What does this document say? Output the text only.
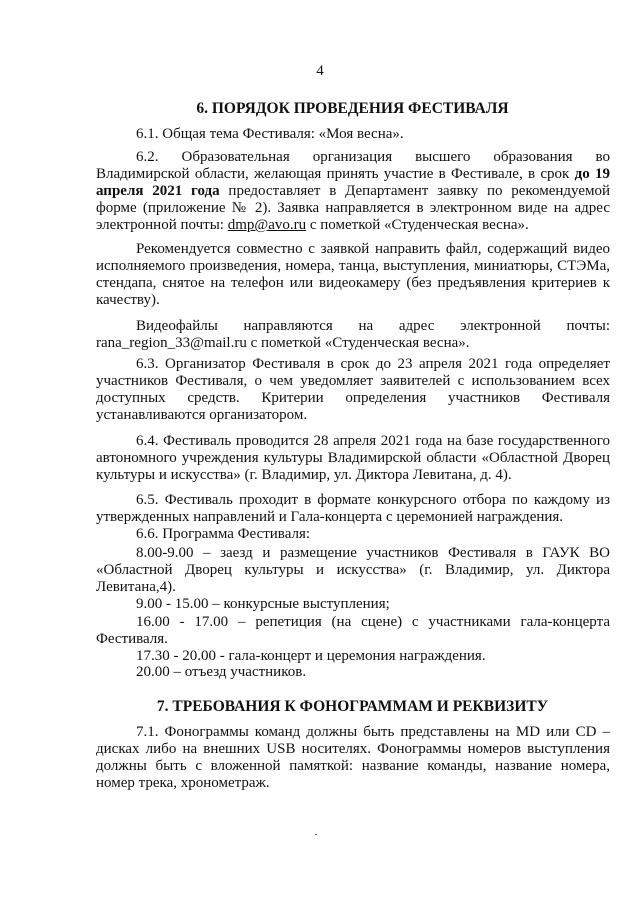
4
6. ПОРЯДОК ПРОВЕДЕНИЯ ФЕСТИВАЛЯ
6.1. Общая тема Фестиваля: «Моя весна».
6.2. Образовательная организация высшего образования во Владимирской области, желающая принять участие в Фестивале, в срок до 19 апреля 2021 года предоставляет в Департамент заявку по рекомендуемой форме (приложение № 2). Заявка направляется в электронном виде на адрес электронной почты: dmp@avo.ru с пометкой «Студенческая весна».
Рекомендуется совместно с заявкой направить файл, содержащий видео исполняемого произведения, номера, танца, выступления, миниатюры, СТЭМа, стендапа, снятое на телефон или видеокамеру (без предъявления критериев к качеству).
Видеофайлы направляются на адрес электронной почты: rana_region_33@mail.ru с пометкой «Студенческая весна».
6.3. Организатор Фестиваля в срок до 23 апреля 2021 года определяет участников Фестиваля, о чем уведомляет заявителей с использованием всех доступных средств. Критерии определения участников Фестиваля устанавливаются организатором.
6.4. Фестиваль проводится 28 апреля 2021 года на базе государственного автономного учреждения культуры Владимирской области «Областной Дворец культуры и искусства» (г. Владимир, ул. Диктора Левитана, д. 4).
6.5. Фестиваль проходит в формате конкурсного отбора по каждому из утвержденных направлений и Гала-концерта с церемонией награждения.
6.6. Программа Фестиваля:
8.00-9.00 – заезд и размещение участников Фестиваля в ГАУК ВО «Областной Дворец культуры и искусства» (г. Владимир, ул. Диктора Левитана,4).
9.00 - 15.00 – конкурсные выступления;
16.00 - 17.00 – репетиция (на сцене) с участниками гала-концерта Фестиваля.
17.30 - 20.00 - гала-концерт и церемония награждения.
20.00 – отъезд участников.
7. ТРЕБОВАНИЯ К ФОНОГРАММАМ И РЕКВИЗИТУ
7.1. Фонограммы команд должны быть представлены на MD или CD – дисках либо на внешних USB носителях. Фонограммы номеров выступления должны быть с вложенной памяткой: название команды, название номера, номер трека, хронометраж.
